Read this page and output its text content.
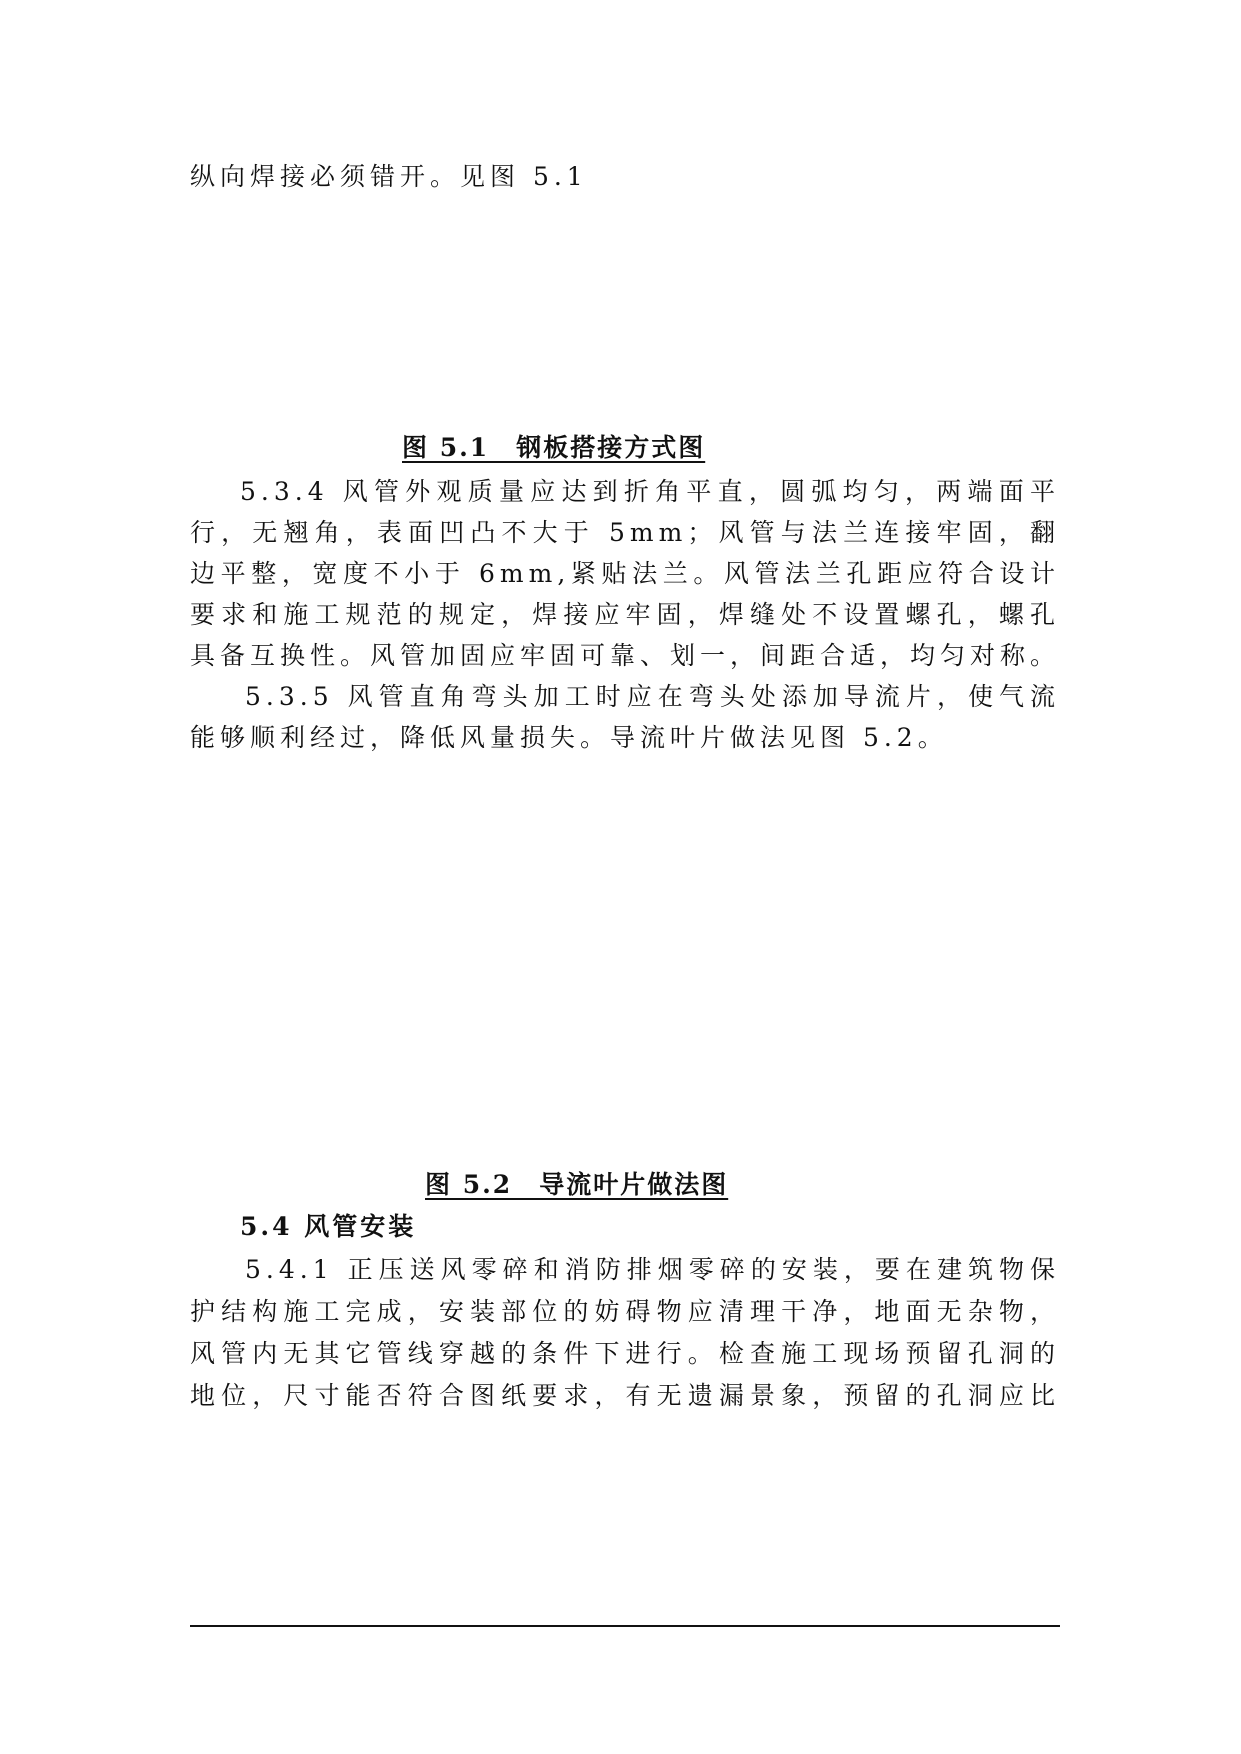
纵向焊接必须错开。见图 5.1
图 5.1　钢板搭接方式图
5.3.4 风管外观质量应达到折角平直，圆弧均匀，两端面平
行，无翘角，表面凹凸不大于 5mm；风管与法兰连接牢固，翻
边平整，宽度不小于 6mm,紧贴法兰。风管法兰孔距应符合设计
要求和施工规范的规定，焊接应牢固，焊缝处不设置螺孔，螺孔
具备互换性。风管加固应牢固可靠、划一，间距合适，均匀对称。
5.3.5 风管直角弯头加工时应在弯头处添加导流片，使气流
能够顺利经过，降低风量损失。导流叶片做法见图 5.2。
图 5.2　导流叶片做法图
5.4 风管安装
5.4.1 正压送风零碎和消防排烟零碎的安装，要在建筑物保
护结构施工完成，安装部位的妨碍物应清理干净，地面无杂物，
风管内无其它管线穿越的条件下进行。检查施工现场预留孔洞的
地位，尺寸能否符合图纸要求，有无遗漏景象，预留的孔洞应比
